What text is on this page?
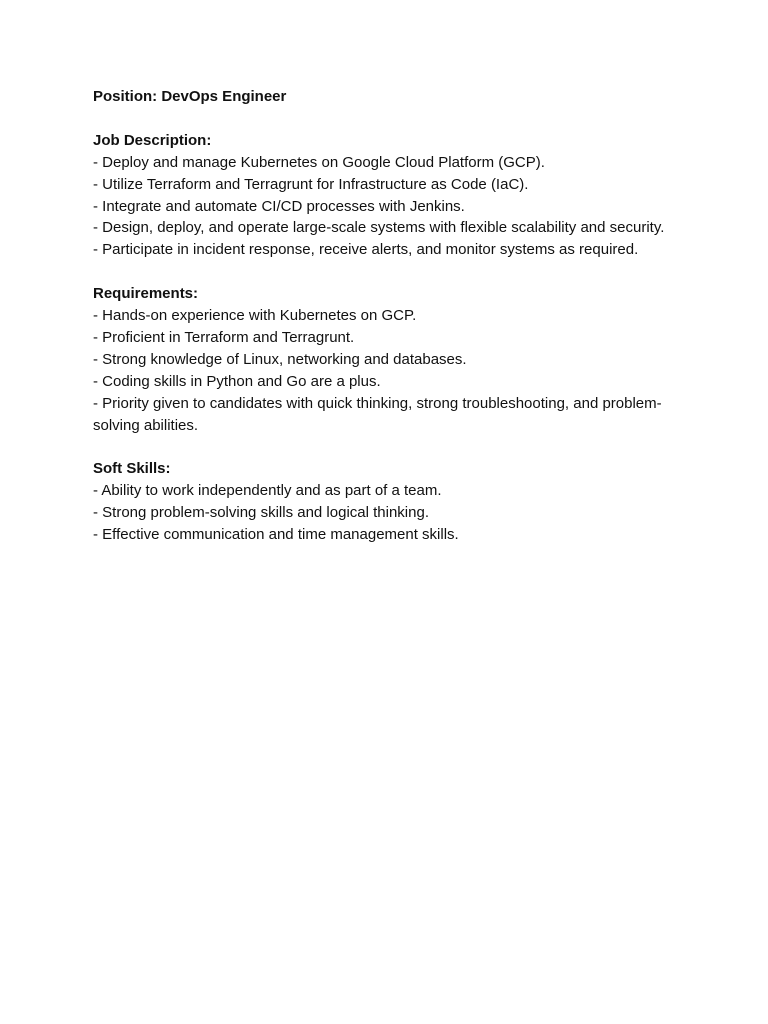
Position: DevOps Engineer

Job Description:

- Deploy and manage Kubernetes on Google Cloud Platform (GCP).
- Utilize Terraform and Terragrunt for Infrastructure as Code (IaC).
- Integrate and automate CI/CD processes with Jenkins.
- Design, deploy, and operate large-scale systems with flexible scalability and security.
- Participate in incident response, receive alerts, and monitor systems as required.

Requirements:

- Hands-on experience with Kubernetes on GCP.
- Proficient in Terraform and Terragrunt.
- Strong knowledge of Linux, networking and databases.
- Coding skills in Python and Go are a plus.
- Priority given to candidates with quick thinking, strong troubleshooting, and problem-solving abilities.

Soft Skills:

- Ability to work independently and as part of a team.
- Strong problem-solving skills and logical thinking.
- Effective communication and time management skills.
